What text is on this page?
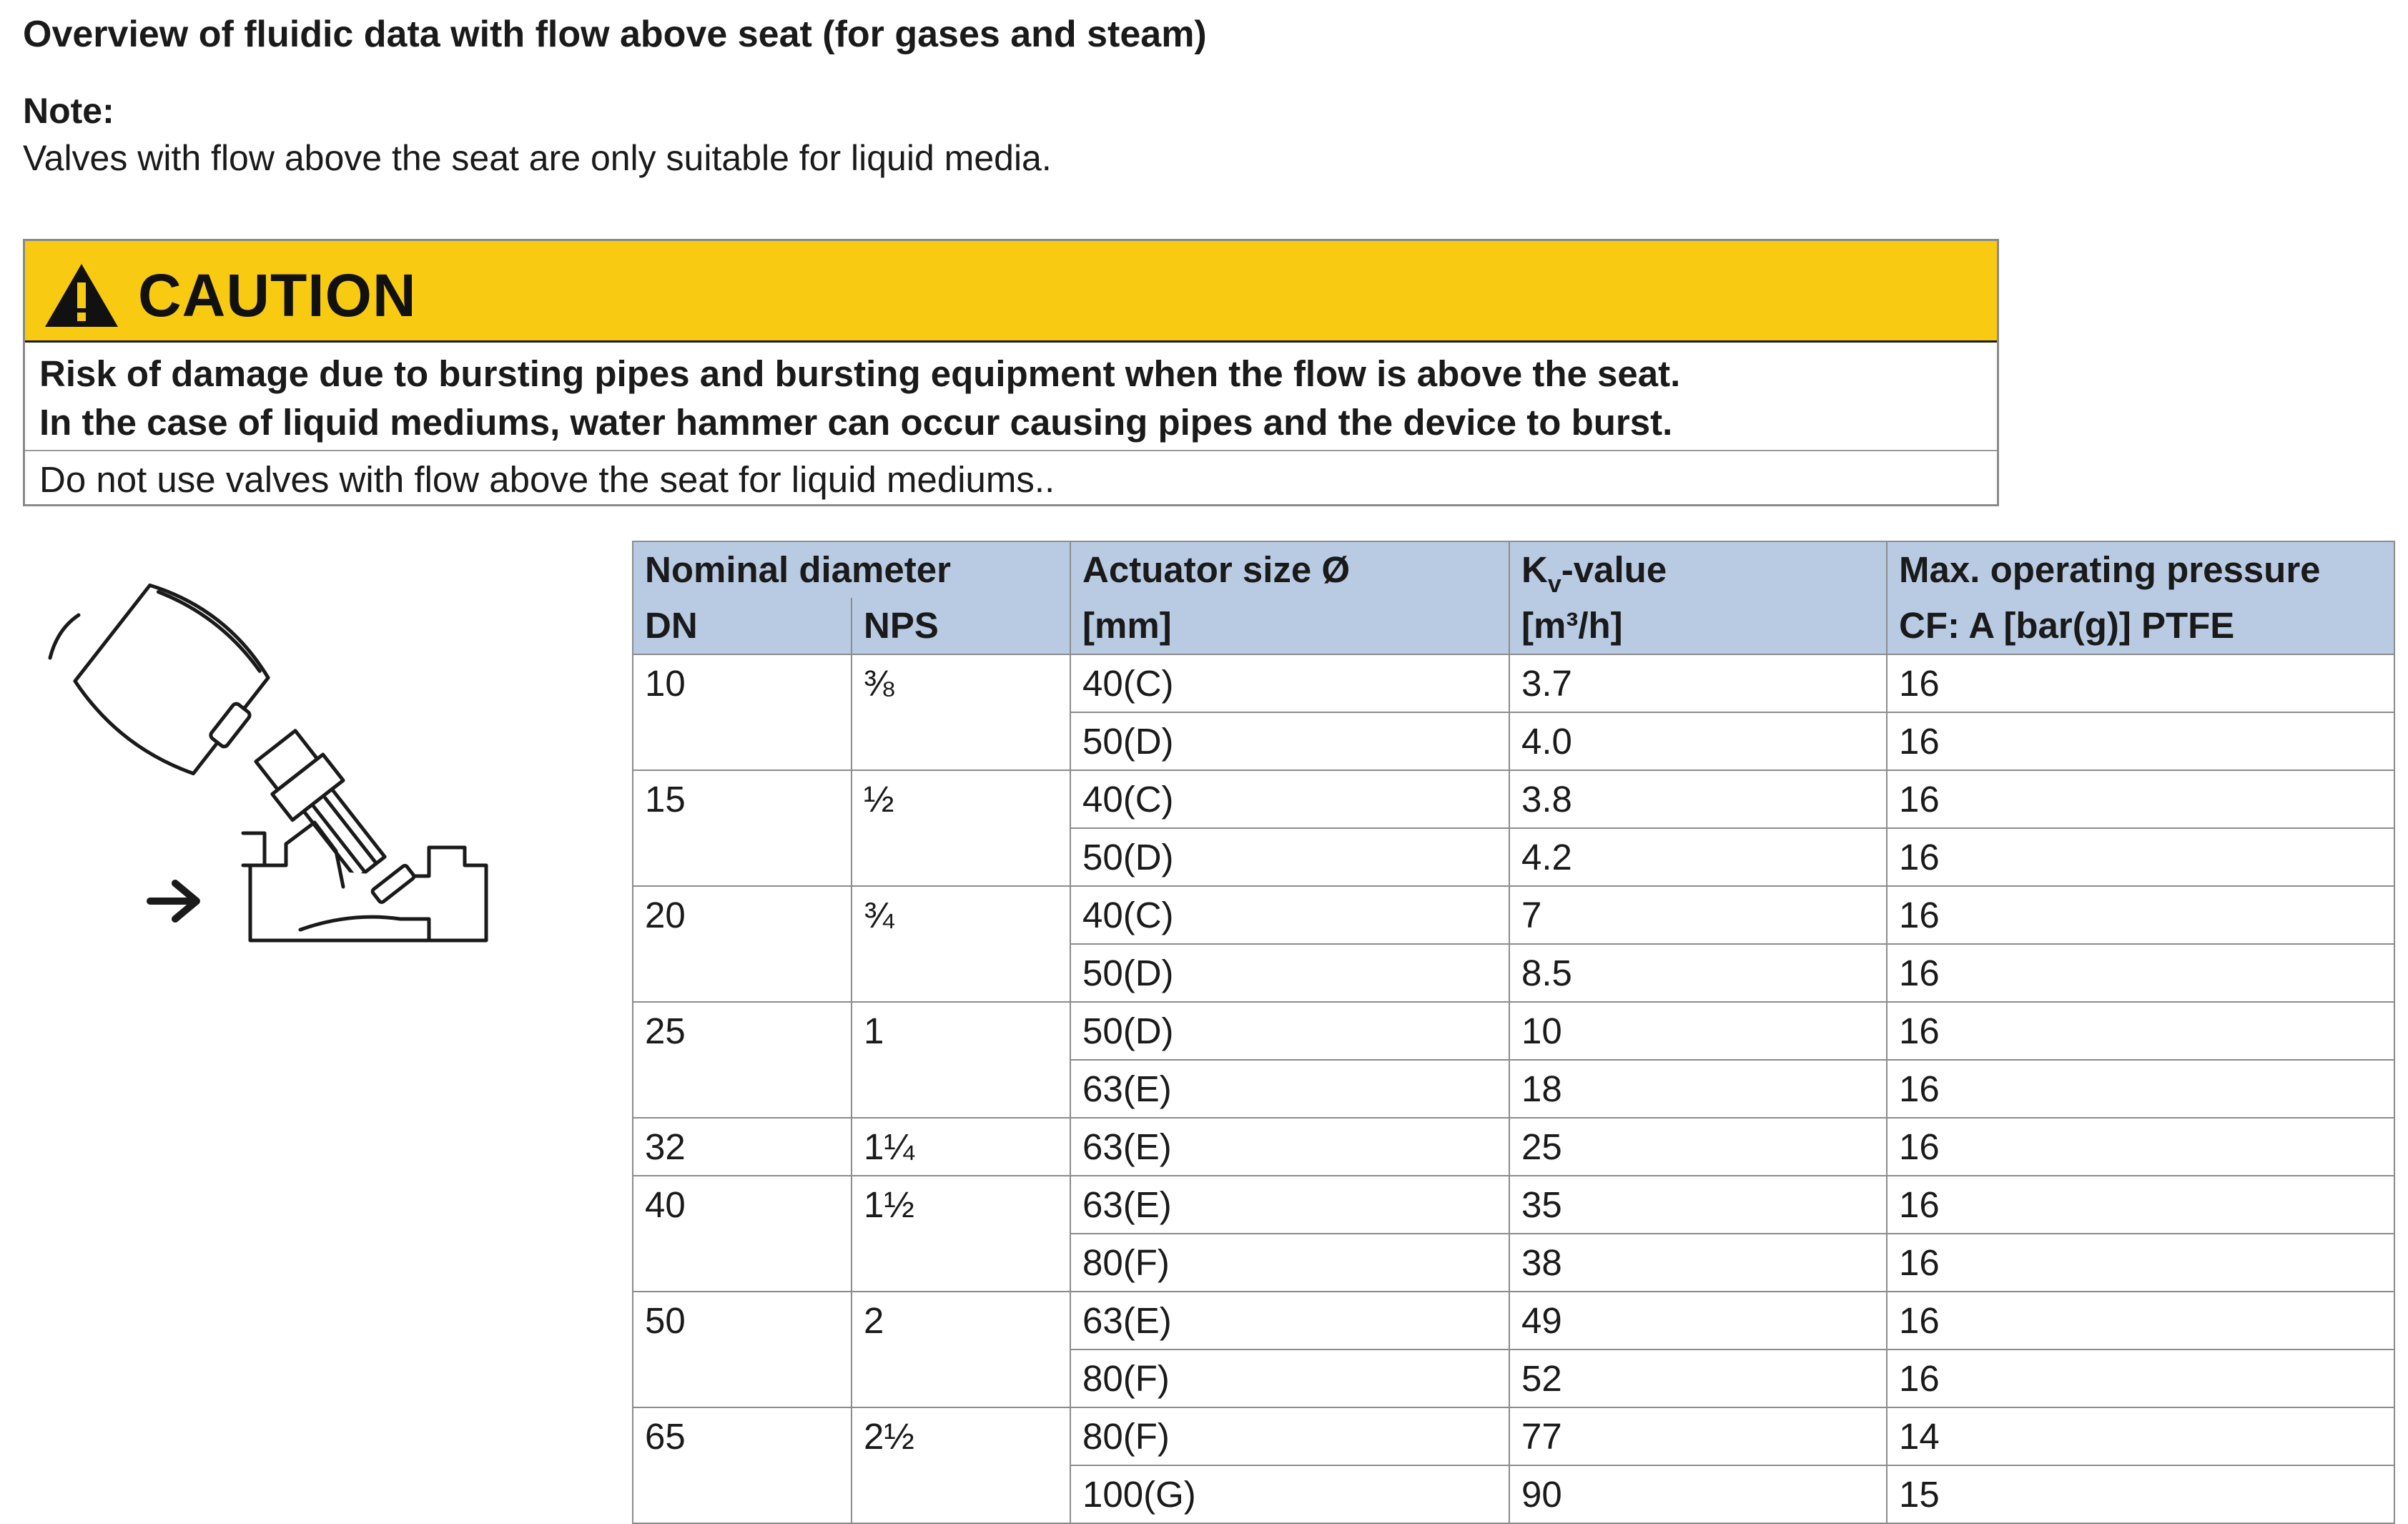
Overview of fluidic data with flow above seat (for gases and steam)
Note:
Valves with flow above the seat are only suitable for liquid media.
CAUTION
Risk of damage due to bursting pipes and bursting equipment when the flow is above the seat.
In the case of liquid mediums, water hammer can occur causing pipes and the device to burst.
Do not use valves with flow above the seat for liquid mediums..
Nominal diameter		Actuator size Ø	$K_v$-value	Max. operating pressure
DN	NPS	[mm]	[m³/h]	CF: A [bar(g)] PTFE
10	⅜	40(C)	3.7	16
		50(D)	4.0	16
15	½	40(C)	3.8	16
		50(D)	4.2	16
20	¾	40(C)	7	16
		50(D)	8.5	16
25	1	50(D)	10	16
		63(E)	18	16
32	1¼	63(E)	25	16
40	1½	63(E)	35	16
		80(F)	38	16
50	2	63(E)	49	16
		80(F)	52	16
65	2½	80(F)	77	14
		100(G)	90	15
